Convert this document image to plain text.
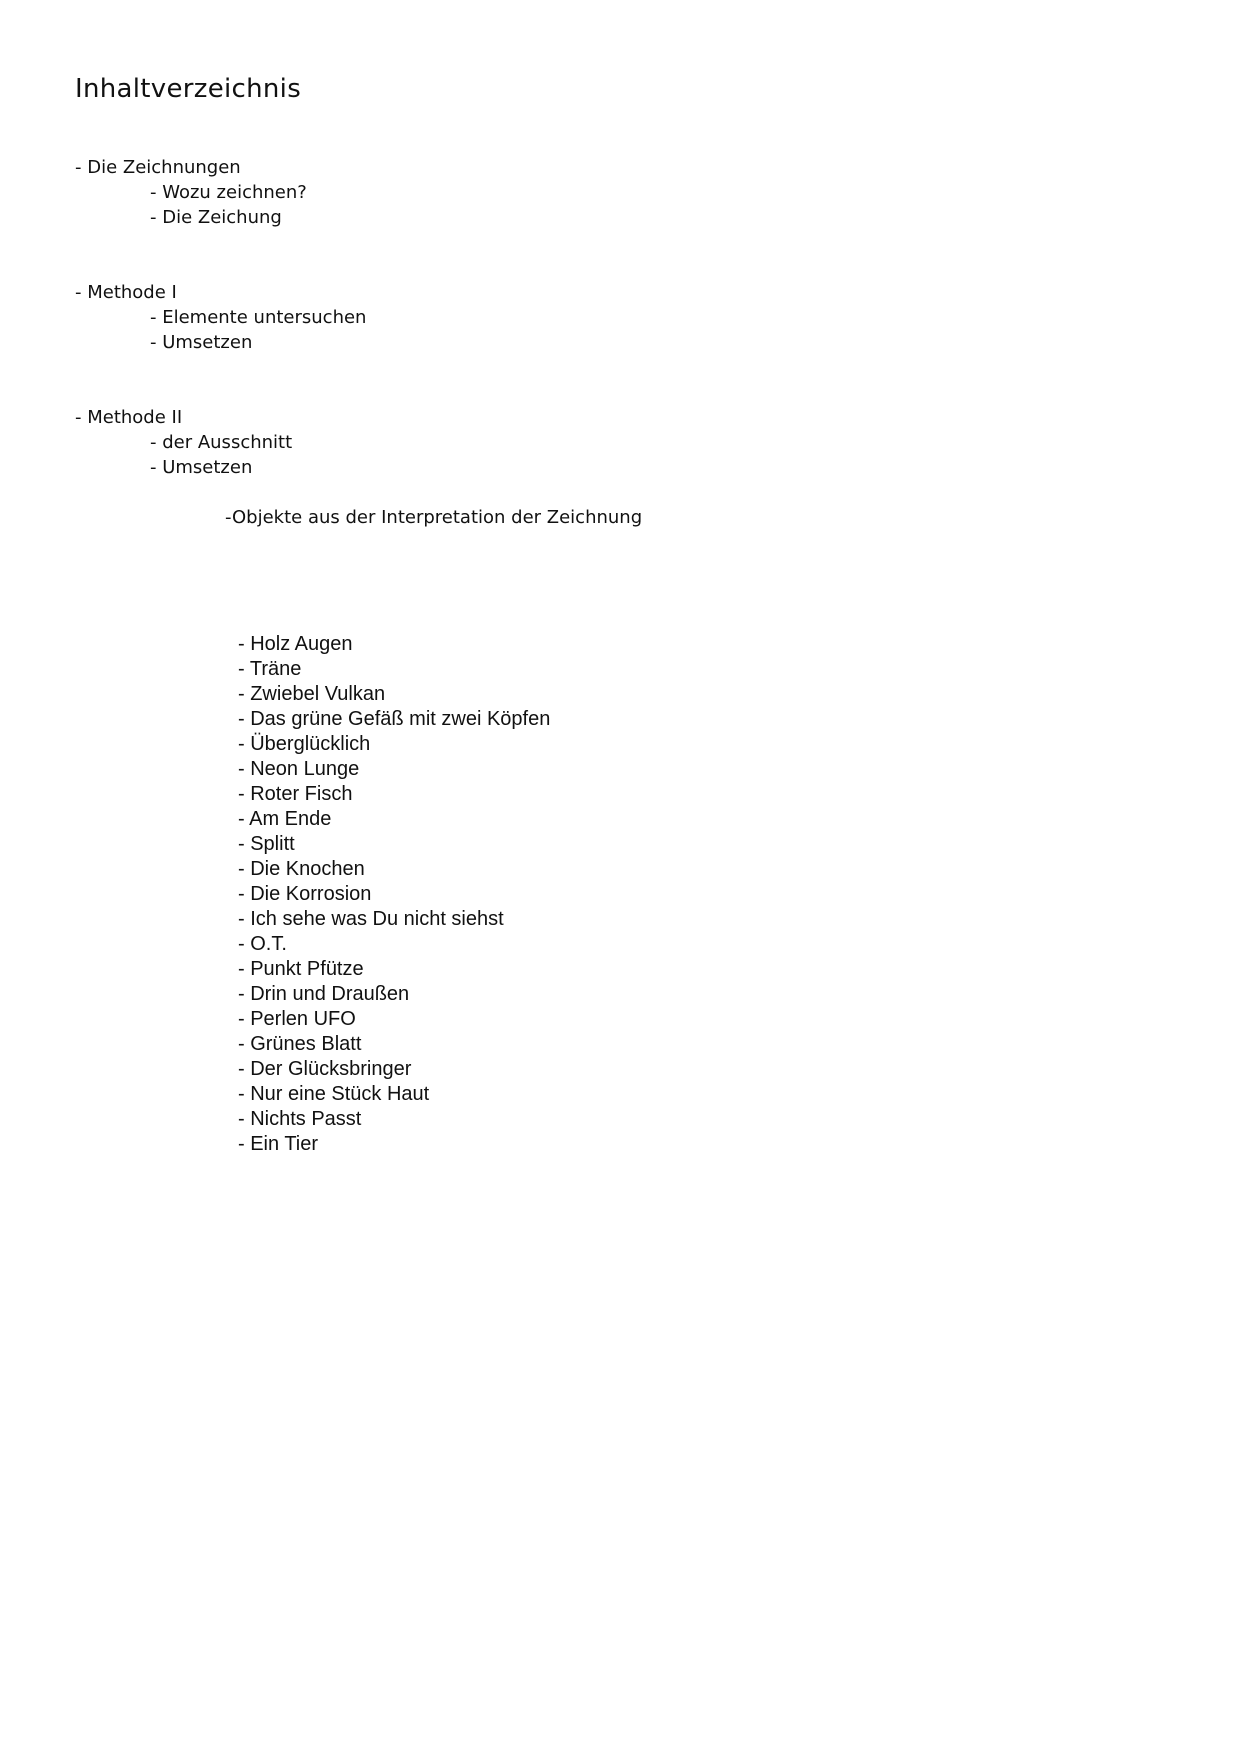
Inhaltverzeichnis
- Die Zeichnungen
- Wozu zeichnen?
- Die Zeichung
- Methode I
- Elemente untersuchen
- Umsetzen
- Methode II
- der Ausschnitt
- Umsetzen
-Objekte aus der Interpretation der Zeichnung
- Holz Augen
- Träne
- Zwiebel Vulkan
- Das grüne Gefäß mit zwei Köpfen
- Überglücklich
- Neon Lunge
- Roter Fisch
- Am Ende
- Splitt
- Die Knochen
- Die Korrosion
- Ich sehe was Du nicht siehst
- O.T.
- Punkt Pfütze
- Drin und Draußen
- Perlen UFO
- Grünes Blatt
- Der Glücksbringer
- Nur eine Stück Haut
- Nichts Passt
- Ein Tier
